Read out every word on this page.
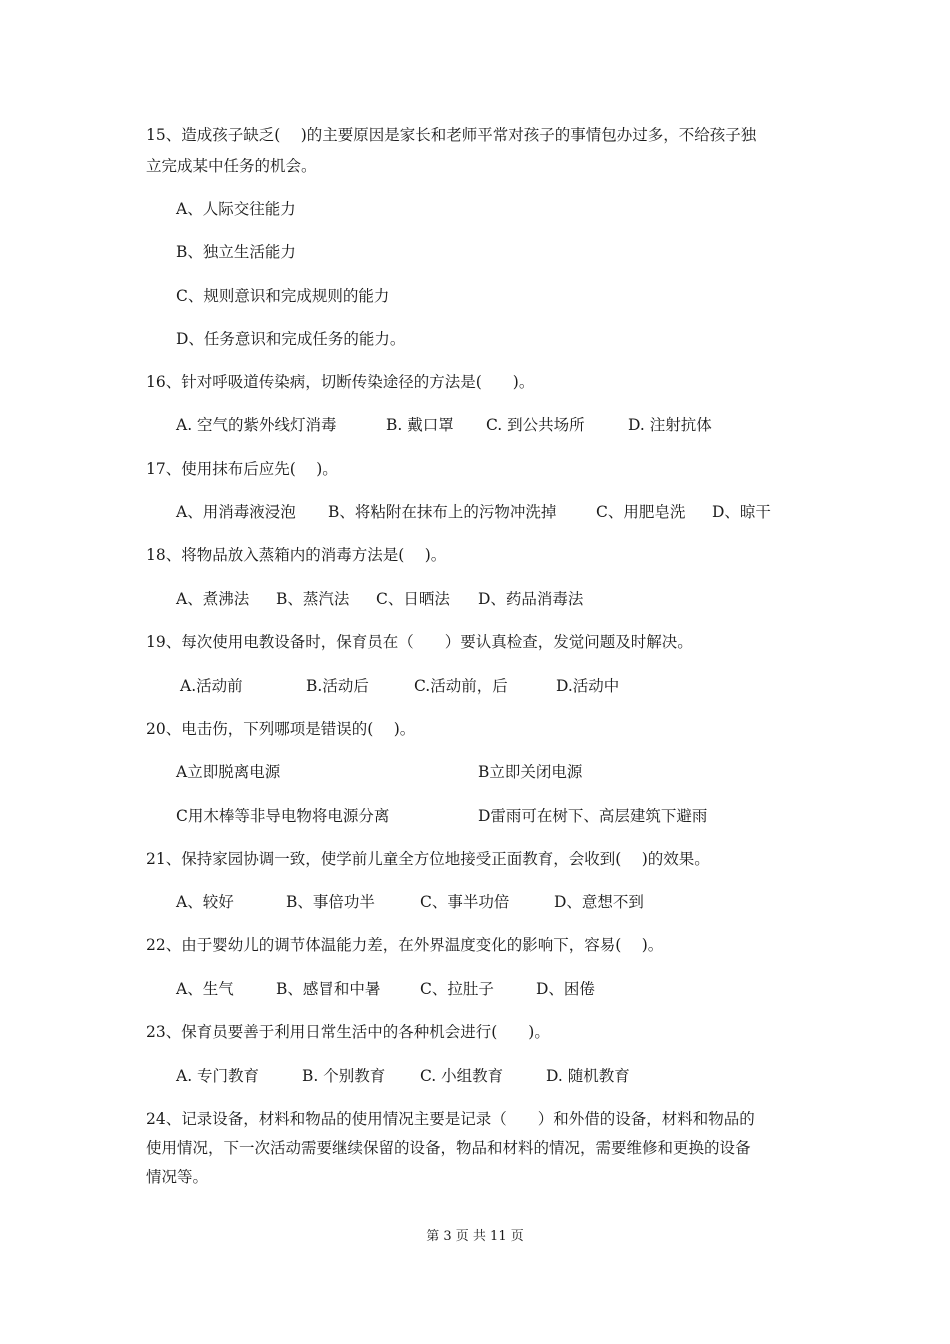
15、造成孩子缺乏(　 )的主要原因是家长和老师平常对孩子的事情包办过多，不给孩子独
立完成某中任务的机会。
A、人际交往能力
B、独立生活能力
C、规则意识和完成规则的能力
D、任务意识和完成任务的能力。
16、针对呼吸道传染病，切断传染途径的方法是(　　)。
A. 空气的紫外线灯消毒	B. 戴口罩 C. 到公共场所	D. 注射抗体
17、使用抹布后应先(　 )。
A、用消毒液浸泡 B、将粘附在抹布上的污物冲洗掉	C、用肥皂洗 D、晾干
18、将物品放入蒸箱内的消毒方法是(　 )。
A、煮沸法 B、蒸汽法 C、日晒法 D、药品消毒法
19、每次使用电教设备时，保育员在（　　）要认真检查，发觉问题及时解决。
A.活动前	B.活动后	C.活动前，后	D.活动中
20、电击伤，下列哪项是错误的(　 )。
A立即脱离电源	B立即关闭电源
C用木棒等非导电物将电源分离	D雷雨可在树下、高层建筑下避雨
21、保持家园协调一致，使学前儿童全方位地接受正面教育，会收到(　 )的效果。
A、较好	B、事倍功半	C、事半功倍	D、意想不到
22、由于婴幼儿的调节体温能力差，在外界温度变化的影响下，容易(　 )。
A、生气	B、感冒和中暑	C、拉肚子	D、困倦
23、保育员要善于利用日常生活中的各种机会进行(　　)。
A. 专门教育	B. 个别教育 C. 小组教育	D. 随机教育
24、记录设备，材料和物品的使用情况主要是记录（　　）和外借的设备，材料和物品的
使用情况，下一次活动需要继续保留的设备，物品和材料的情况，需要维修和更换的设备
情况等。
第 3 页 共 11 页
